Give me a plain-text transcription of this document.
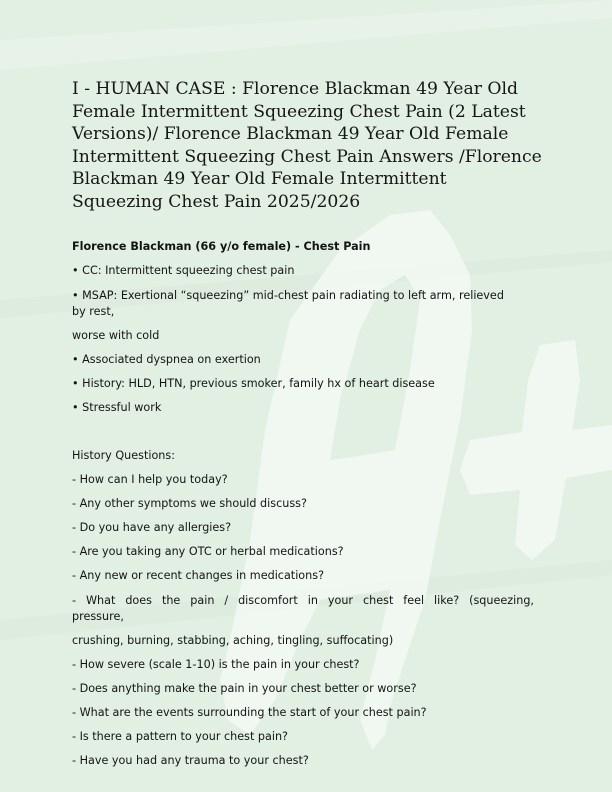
I - HUMAN CASE : Florence Blackman 49 Year Old Female Intermittent Squeezing Chest Pain (2 Latest Versions)/ Florence Blackman 49 Year Old Female Intermittent Squeezing Chest Pain Answers /Florence Blackman 49 Year Old Female Intermittent Squeezing Chest Pain 2025/2026

Florence Blackman (66 y/o female) - Chest Pain

• CC: Intermittent squeezing chest pain

• MSAP: Exertional “squeezing” mid-chest pain radiating to left arm, relieved

by rest,

worse with cold

• Associated dyspnea on exertion

• History: HLD, HTN, previous smoker, family hx of heart disease

• Stressful work

History Questions:

- How can I help you today?

- Any other symptoms we should discuss?

- Do you have any allergies?

- Are you taking any OTC or herbal medications?

- Any new or recent changes in medications?

- What does the pain / discomfort in your chest feel like? (squeezing,

pressure,

crushing, burning, stabbing, aching, tingling, suffocating)

- How severe (scale 1-10) is the pain in your chest?

- Does anything make the pain in your chest better or worse?

- What are the events surrounding the start of your chest pain?

- Is there a pattern to your chest pain?

- Have you had any trauma to your chest?
